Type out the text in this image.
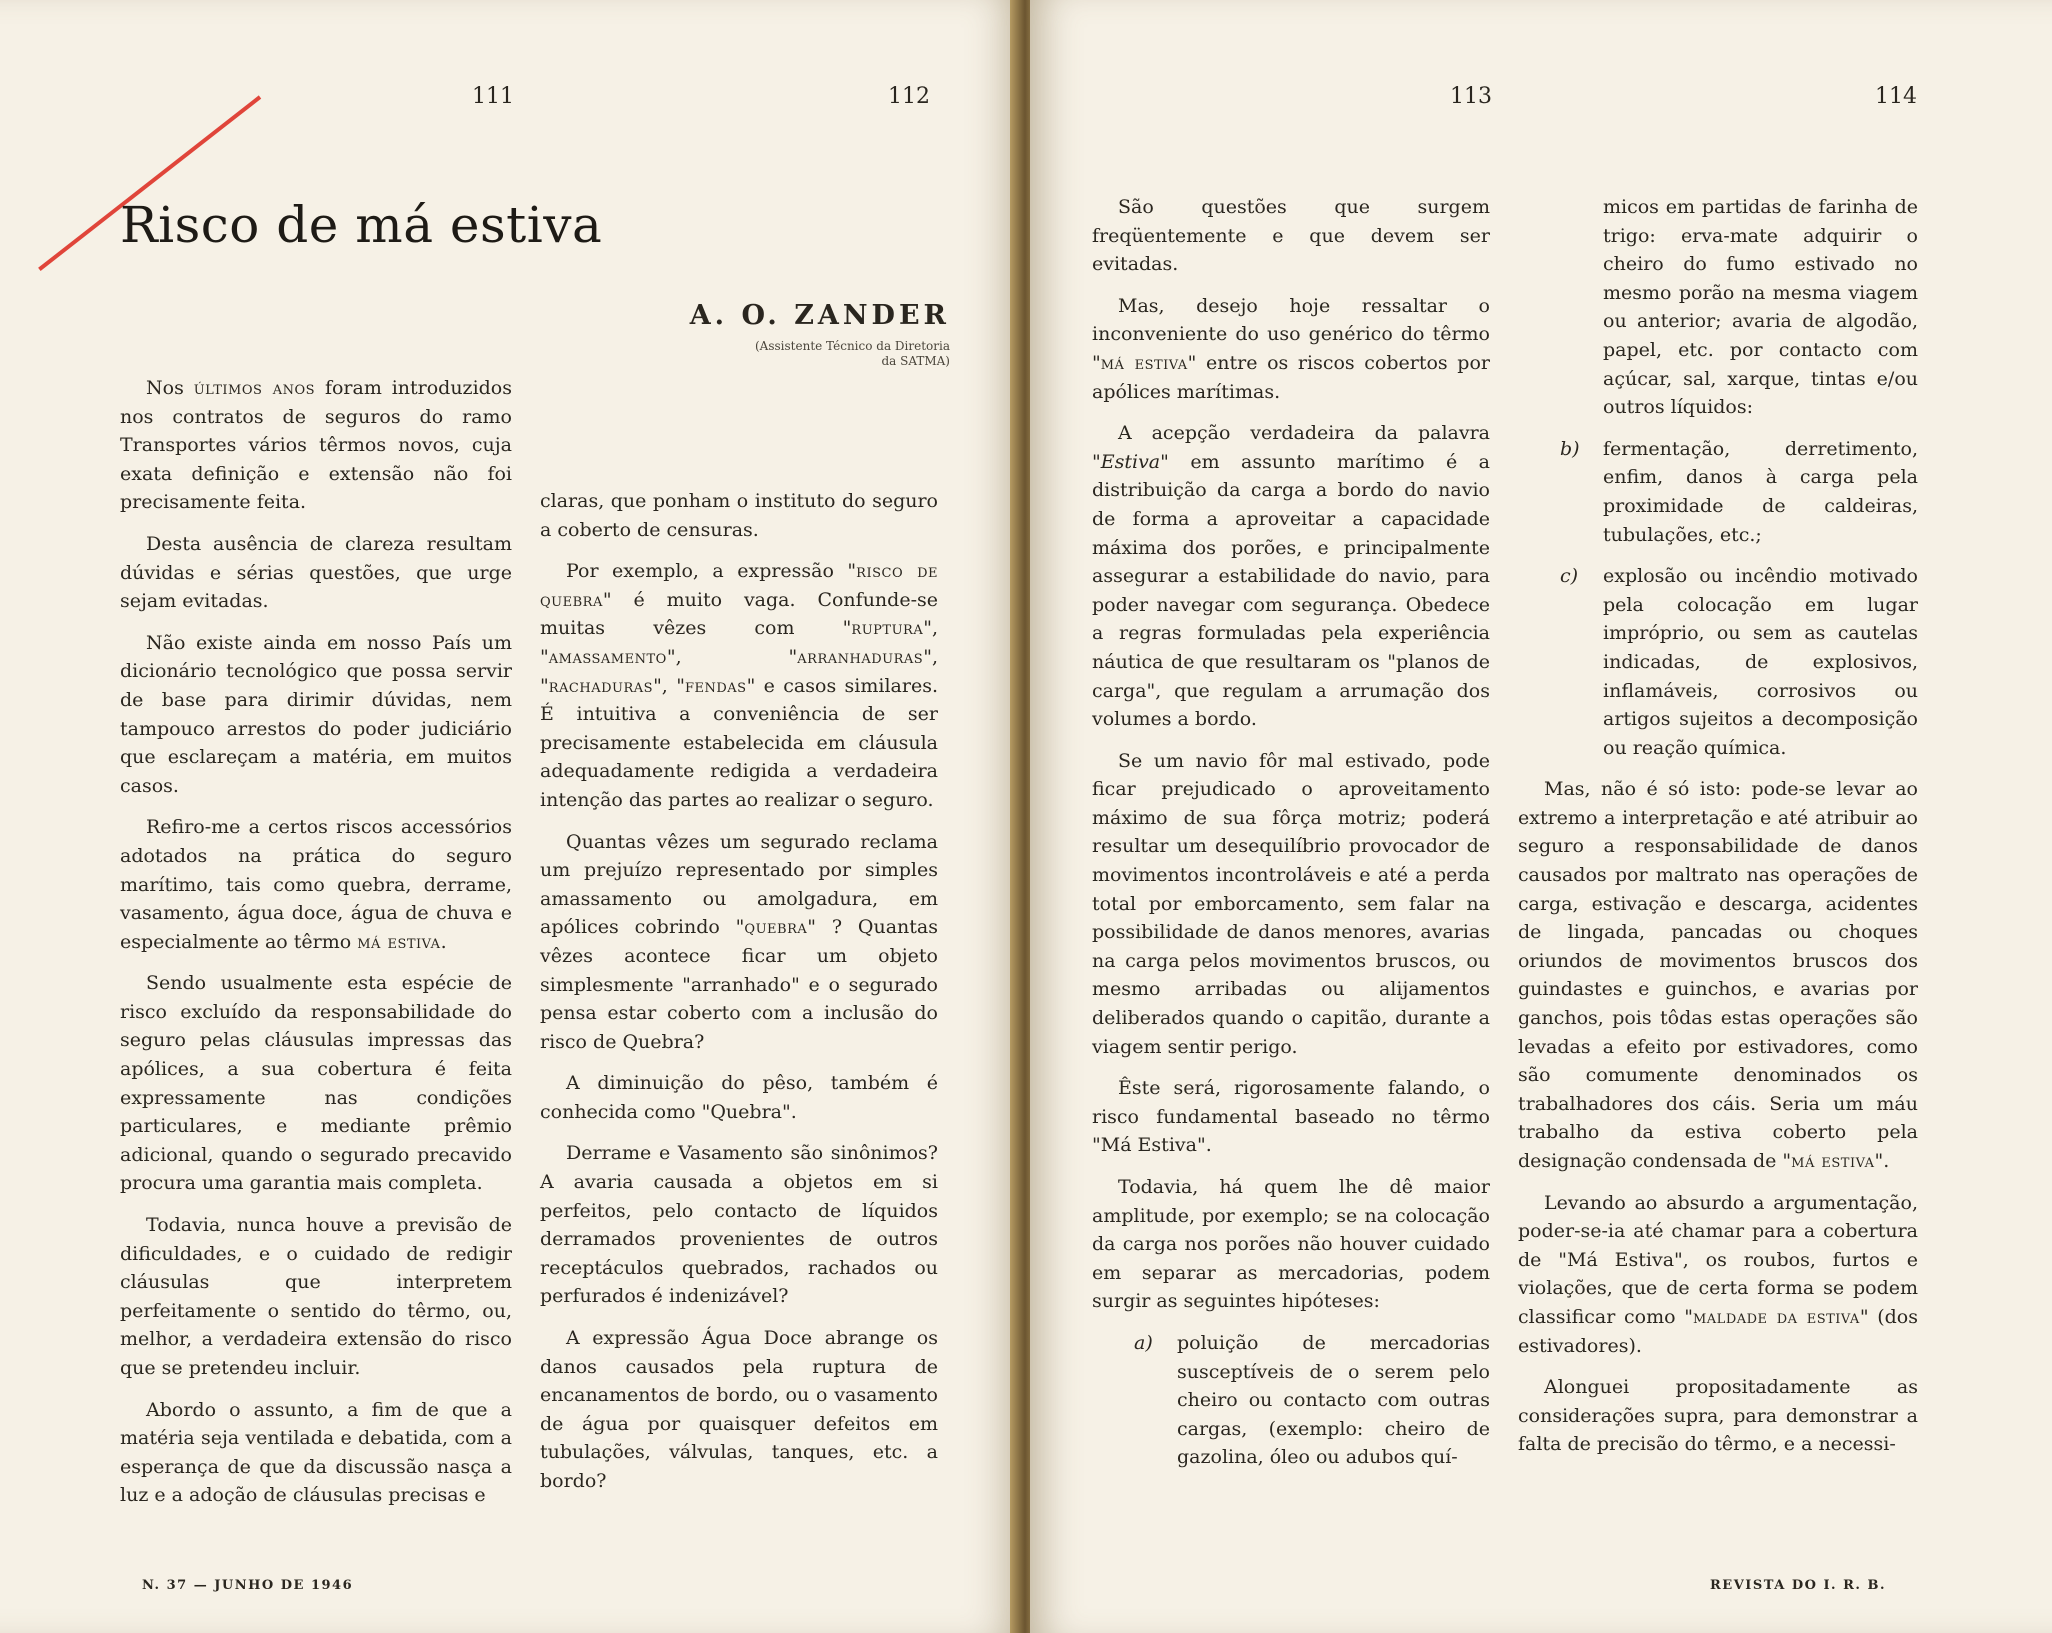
111	112
Risco de má estiva
A. O. ZANDER
(Assistente Técnico da Diretoria
da SATMA)

Nos últimos anos foram introduzidos nos contratos de seguros do ramo Transportes vários têrmos novos, cuja exata definição e extensão não foi precisamente feita.

Desta ausência de clareza resultam dúvidas e sérias questões, que urge sejam evitadas.

Não existe ainda em nosso País um dicionário tecnológico que possa servir de base para dirimir dúvidas, nem tampouco arrestos do poder judiciário que esclareçam a matéria, em muitos casos.

Refiro-me a certos riscos accessórios adotados na prática do seguro marítimo, tais como quebra, derrame, vasamento, água doce, água de chuva e especialmente ao têrmo má estiva.

Sendo usualmente esta espécie de risco excluído da responsabilidade do seguro pelas cláusulas impressas das apólices, a sua cobertura é feita expressamente nas condições particulares, e mediante prêmio adicional, quando o segurado precavido procura uma garantia mais completa.

Todavia, nunca houve a previsão de dificuldades, e o cuidado de redigir cláusulas que interpretem perfeitamente o sentido do têrmo, ou, melhor, a verdadeira extensão do risco que se pretendeu incluir.

Abordo o assunto, a fim de que a matéria seja ventilada e debatida, com a esperança de que da discussão nasça a luz e a adoção de cláusulas precisas e

claras, que ponham o instituto do seguro a coberto de censuras.

Por exemplo, a expressão "risco de quebra" é muito vaga. Confunde-se muitas vêzes com "ruptura", "amassamento", "arranhaduras", "rachaduras", "fendas" e casos similares. É intuitiva a conveniência de ser precisamente estabelecida em cláusula adequadamente redigida a verdadeira intenção das partes ao realizar o seguro.

Quantas vêzes um segurado reclama um prejuízo representado por simples amassamento ou amolgadura, em apólices cobrindo "quebra" ? Quantas vêzes acontece ficar um objeto simplesmente "arranhado" e o segurado pensa estar coberto com a inclusão do risco de Quebra?

A diminuição do pêso, também é conhecida como "Quebra".

Derrame e Vasamento são sinônimos? A avaria causada a objetos em si perfeitos, pelo contacto de líquidos derramados provenientes de outros receptáculos quebrados, rachados ou perfurados é indenizável?

A expressão Água Doce abrange os danos causados pela ruptura de encanamentos de bordo, ou o vasamento de água por quaisquer defeitos em tubulações, válvulas, tanques, etc. a bordo?

N. 37 — JUNHO DE 1946
113	114

São questões que surgem freqüentemente e que devem ser evitadas.

Mas, desejo hoje ressaltar o inconveniente do uso genérico do têrmo "má estiva" entre os riscos cobertos por apólices marítimas.

A acepção verdadeira da palavra "Estiva" em assunto marítimo é a distribuição da carga a bordo do navio de forma a aproveitar a capacidade máxima dos porões, e principalmente assegurar a estabilidade do navio, para poder navegar com segurança. Obedece a regras formuladas pela experiência náutica de que resultaram os "planos de carga", que regulam a arrumação dos volumes a bordo.

Se um navio fôr mal estivado, pode ficar prejudicado o aproveitamento máximo de sua fôrça motriz; poderá resultar um desequilíbrio provocador de movimentos incontroláveis e até a perda total por emborcamento, sem falar na possibilidade de danos menores, avarias na carga pelos movimentos bruscos, ou mesmo arribadas ou alijamentos deliberados quando o capitão, durante a viagem sentir perigo.

Êste será, rigorosamente falando, o risco fundamental baseado no têrmo "Má Estiva".

Todavia, há quem lhe dê maior amplitude, por exemplo; se na colocação da carga nos porões não houver cuidado em separar as mercadorias, podem surgir as seguintes hipóteses:

a) poluição de mercadorias susceptíveis de o serem pelo cheiro ou contacto com outras cargas, (exemplo: cheiro de gazolina, óleo ou adubos quí-
micos em partidas de farinha de trigo: erva-mate adquirir o cheiro do fumo estivado no mesmo porão na mesma viagem ou anterior; avaria de algodão, papel, etc. por contacto com açúcar, sal, xarque, tintas e/ou outros líquidos:
b) fermentação, derretimento, enfim, danos à carga pela proximidade de caldeiras, tubulações, etc.;
c) explosão ou incêndio motivado pela colocação em lugar impróprio, ou sem as cautelas indicadas, de explosivos, inflamáveis, corrosivos ou artigos sujeitos a decomposição ou reação química.

Mas, não é só isto: pode-se levar ao extremo a interpretação e até atribuir ao seguro a responsabilidade de danos causados por maltrato nas operações de carga, estivação e descarga, acidentes de lingada, pancadas ou choques oriundos de movimentos bruscos dos guindastes e guinchos, e avarias por ganchos, pois tôdas estas operações são levadas a efeito por estivadores, como são comumente denominados os trabalhadores dos cáis. Seria um máu trabalho da estiva coberto pela designação condensada de "má estiva".

Levando ao absurdo a argumentação, poder-se-ia até chamar para a cobertura de "Má Estiva", os roubos, furtos e violações, que de certa forma se podem classificar como "maldade da estiva" (dos estivadores).

Alonguei propositadamente as considerações supra, para demonstrar a falta de precisão do têrmo, e a necessi-

REVISTA DO I. R. B.
